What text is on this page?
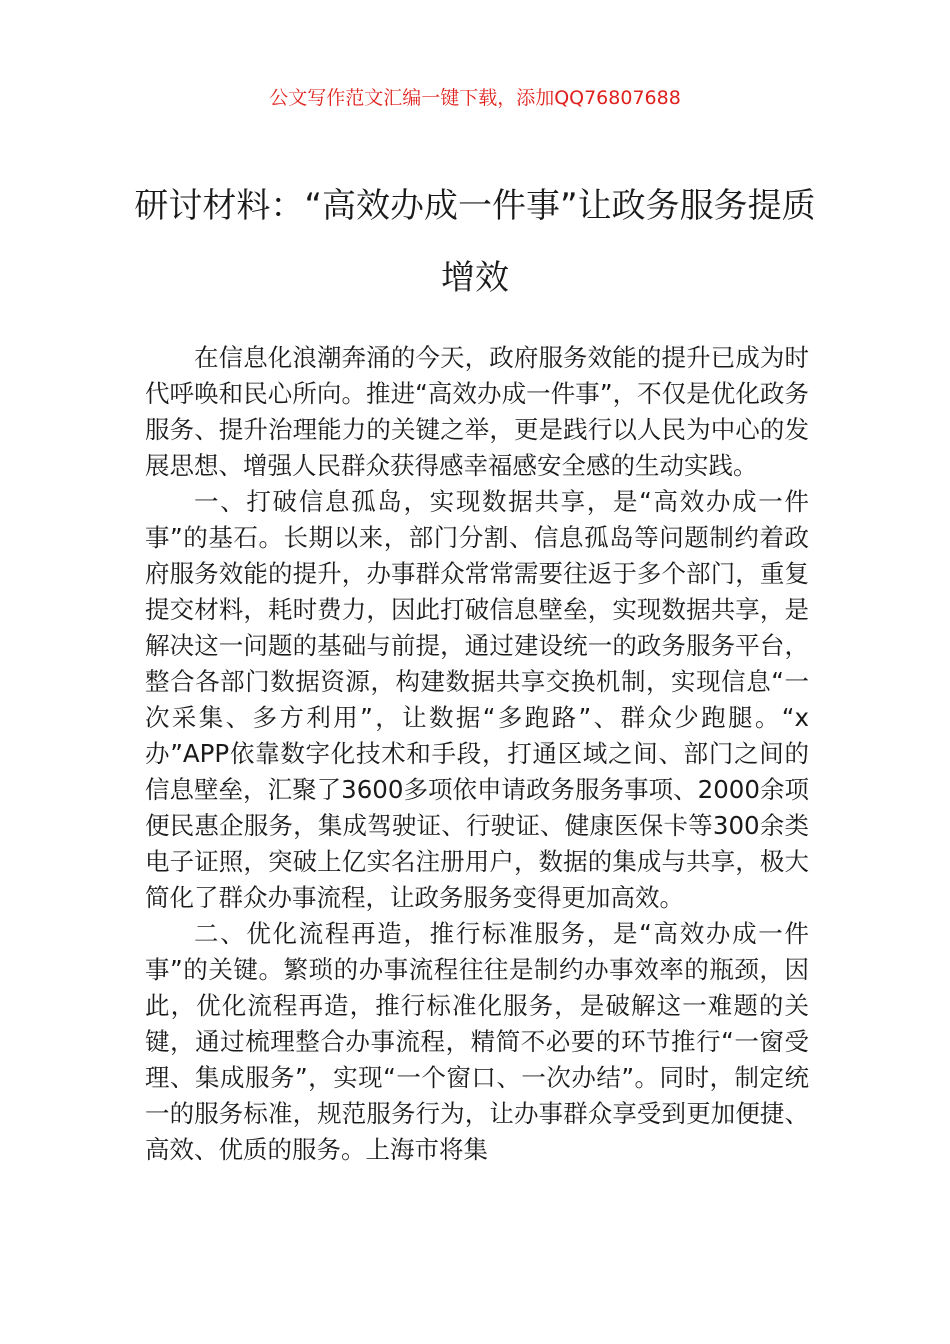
公文写作范文汇编一键下载，添加QQ76807688
研讨材料：“高效办成一件事”让政务服务提质增效

在信息化浪潮奔涌的今天，政府服务效能的提升已成为时代呼唤和民心所向。推进“高效办成一件事”，不仅是优化政务服务、提升治理能力的关键之举，更是践行以人民为中心的发展思想、增强人民群众获得感幸福感安全感的生动实践。

一、打破信息孤岛，实现数据共享，是“高效办成一件事”的基石。长期以来，部门分割、信息孤岛等问题制约着政府服务效能的提升，办事群众常常需要往返于多个部门，重复提交材料，耗时费力，因此打破信息壁垒，实现数据共享，是解决这一问题的基础与前提，通过建设统一的政务服务平台，整合各部门数据资源，构建数据共享交换机制，实现信息“一次采集、多方利用”，让数据“多跑路”、群众少跑腿。“x办”APP依靠数字化技术和手段，打通区域之间、部门之间的信息壁垒，汇聚了3600多项依申请政务服务事项、2000余项便民惠企服务，集成驾驶证、行驶证、健康医保卡等300余类电子证照，突破上亿实名注册用户，数据的集成与共享，极大简化了群众办事流程，让政务服务变得更加高效。

二、优化流程再造，推行标准服务，是“高效办成一件事”的关键。繁琐的办事流程往往是制约办事效率的瓶颈，因此，优化流程再造，推行标准化服务，是破解这一难题的关键，通过梳理整合办事流程，精简不必要的环节推行“一窗受理、集成服务”，实现“一个窗口、一次办结”。同时，制定统一的服务标准，规范服务行为，让办事群众享受到更加便捷、高效、优质的服务。上海市将集
